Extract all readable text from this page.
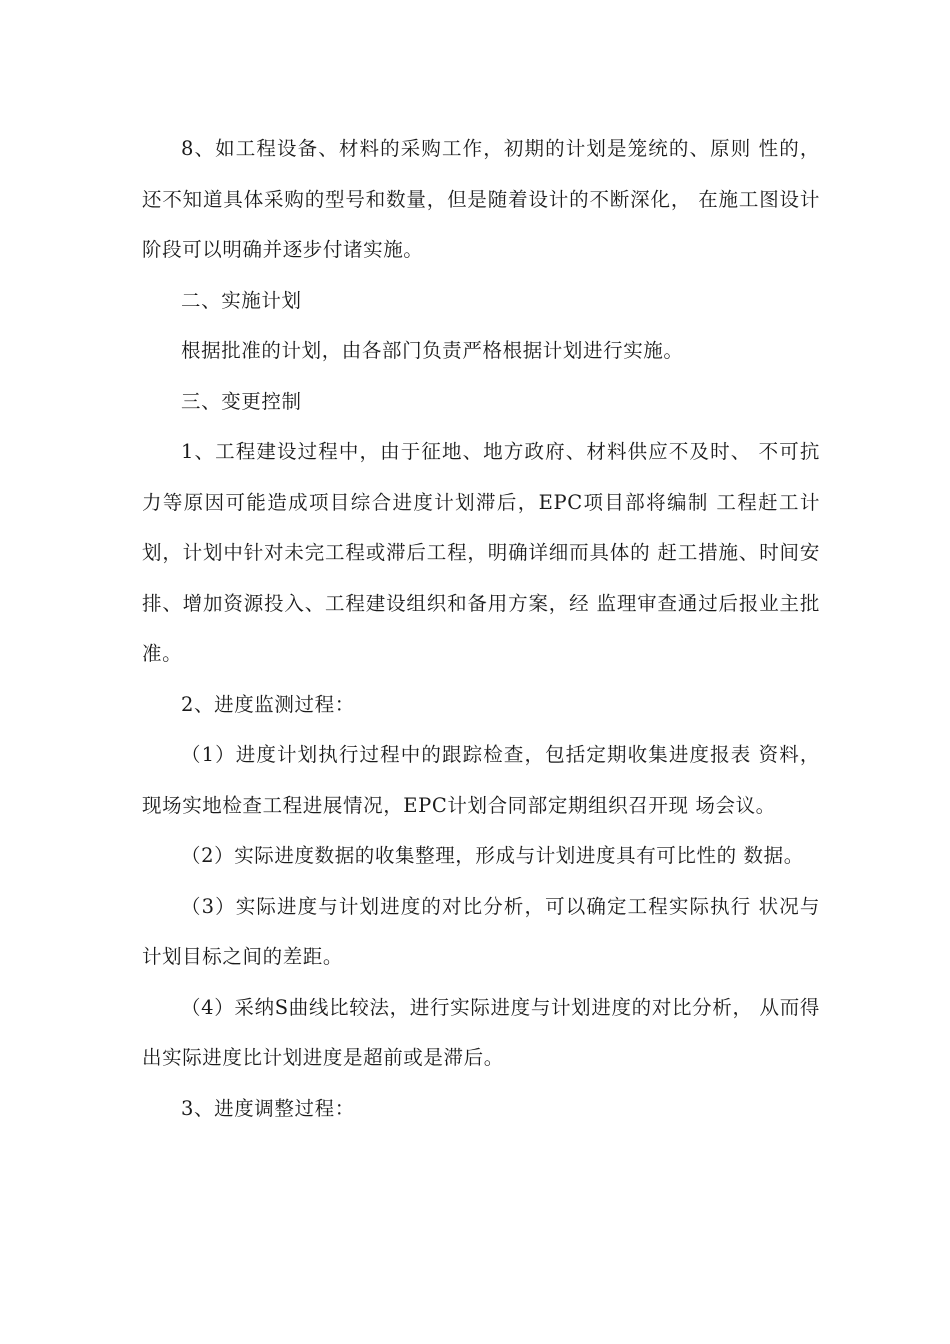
8、如工程设备、材料的采购工作，初期的计划是笼统的、原则 性的，还不知道具体采购的型号和数量，但是随着设计的不断深化， 在施工图设计阶段可以明确并逐步付诸实施。

二、实施计划

根据批准的计划，由各部门负责严格根据计划进行实施。

三、变更控制

1、工程建设过程中，由于征地、地方政府、材料供应不及时、 不可抗力等原因可能造成项目综合进度计划滞后，EPC项目部将编制 工程赶工计划，计划中针对未完工程或滞后工程，明确详细而具体的 赶工措施、时间安排、增加资源投入、工程建设组织和备用方案，经 监理审查通过后报业主批准。

2、进度监测过程：

（1）进度计划执行过程中的跟踪检查，包括定期收集进度报表 资料，现场实地检查工程进展情况，EPC计划合同部定期组织召开现 场会议。

（2）实际进度数据的收集整理，形成与计划进度具有可比性的 数据。

（3）实际进度与计划进度的对比分析，可以确定工程实际执行 状况与计划目标之间的差距。

（4）采纳S曲线比较法，进行实际进度与计划进度的对比分析， 从而得出实际进度比计划进度是超前或是滞后。

3、进度调整过程：
